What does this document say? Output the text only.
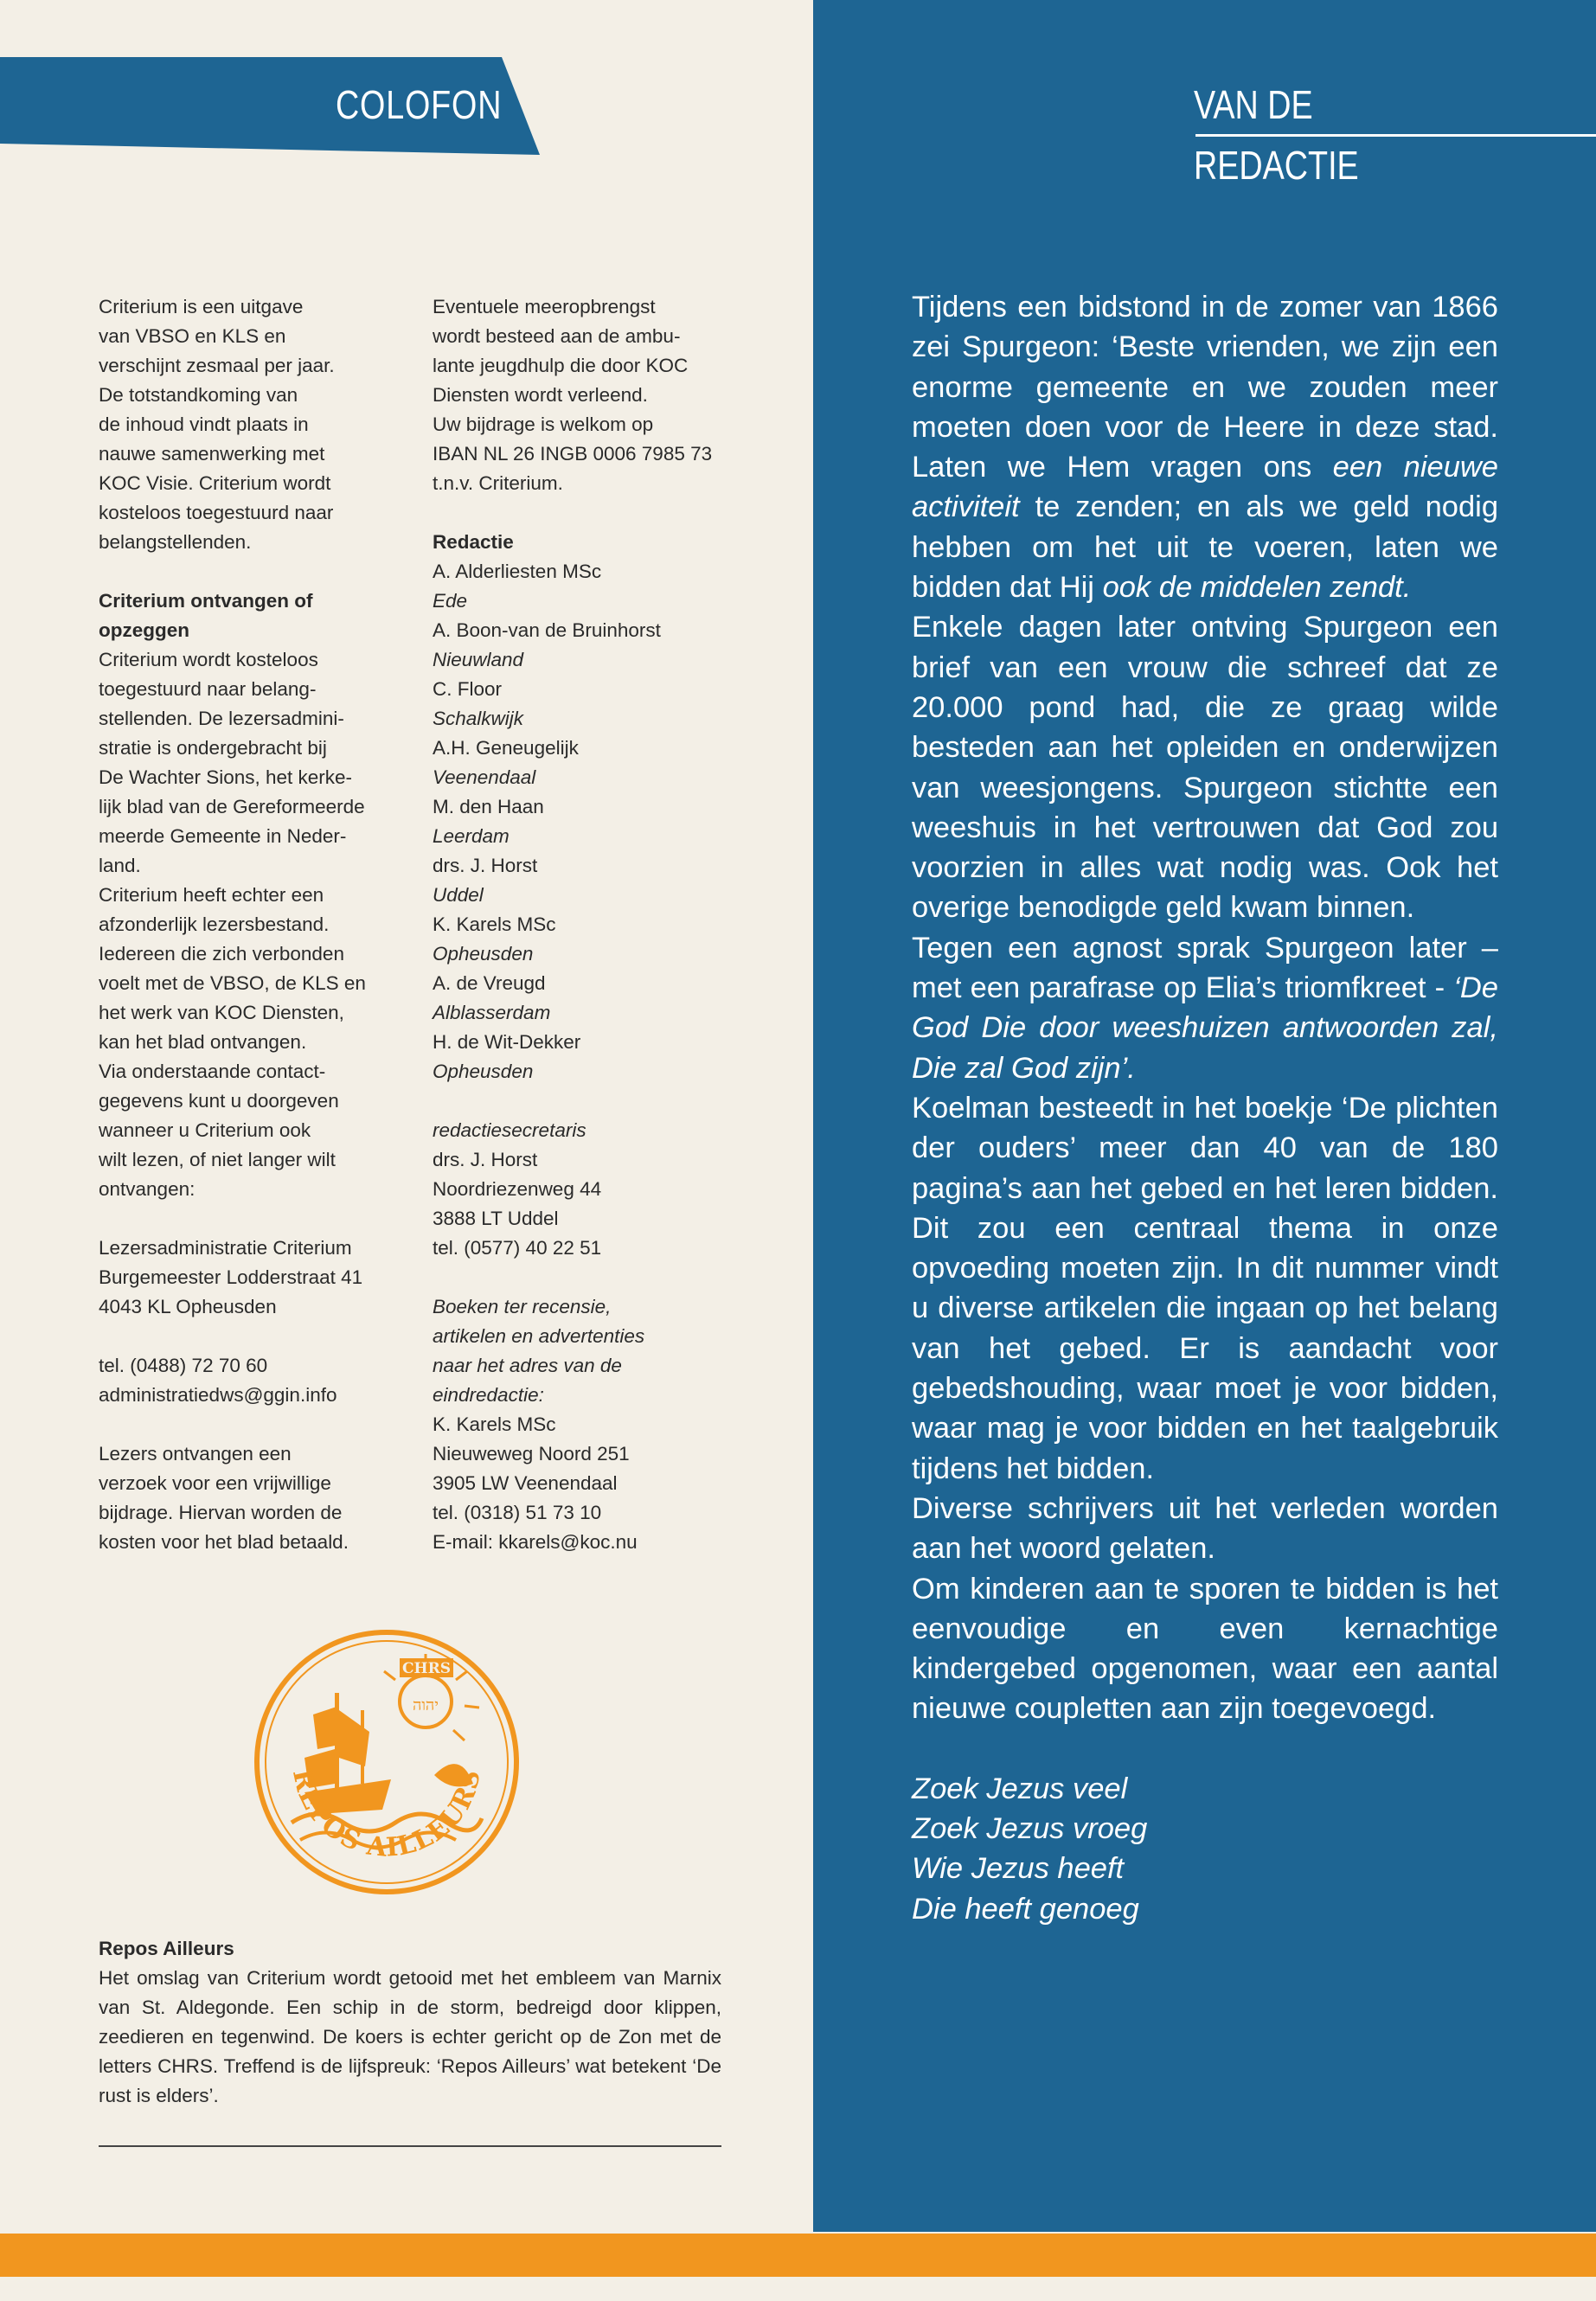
COLOFON	VAN DE REDACTIE

Criterium is een uitgave

van VBSO en KLS en

verschijnt zesmaal per jaar.

De totstandkoming van

de inhoud vindt plaats in

nauwe samenwerking met

KOC Visie. Criterium wordt

kosteloos toegestuurd naar

belangstellenden.

Criterium ontvangen of

opzeggen

Criterium wordt kosteloos

toegestuurd naar belang-

stellenden. De lezersadmini-

stratie is ondergebracht bij

De Wachter Sions, het kerke-

lijk blad van de Gereformeerde

meerde Gemeente in Neder-

land.

Criterium heeft echter een

afzonderlijk lezersbestand.

Iedereen die zich verbonden

voelt met de VBSO, de KLS en

het werk van KOC Diensten,

kan het blad ontvangen.

Via onderstaande contact-

gegevens kunt u doorgeven

wanneer u Criterium ook

wilt lezen, of niet langer wilt

ontvangen:

Lezersadministratie Criterium

Burgemeester Lodderstraat 41

4043 KL Opheusden

tel. (0488) 72 70 60

administratiedws@ggin.info

Lezers ontvangen een

verzoek voor een vrijwillige

bijdrage. Hiervan worden de

kosten voor het blad betaald.

Eventuele meeropbrengst

wordt besteed aan de ambu-

lante jeugdhulp die door KOC

Diensten wordt verleend.

Uw bijdrage is welkom op

IBAN NL 26 INGB 0006 7985 73

t.n.v. Criterium.

Redactie

A. Alderliesten MSc

Ede

A. Boon-van de Bruinhorst

Nieuwland

C. Floor

Schalkwijk

A.H. Geneugelijk

Veenendaal

M. den Haan

Leerdam

drs. J. Horst

Uddel

K. Karels MSc

Opheusden

A. de Vreugd

Alblasserdam

H. de Wit-Dekker

Opheusden

redactiesecretaris

drs. J. Horst

Noordriezenweg 44

3888 LT Uddel

tel. (0577) 40 22 51

Boeken ter recensie,

artikelen en advertenties

naar het adres van de

eindredactie:

K. Karels MSc

Nieuweweg Noord 251

3905 LW Veenendaal

tel. (0318) 51 73 10

E-mail: kkarels@koc.nu

CHRS
יהוה
REPOS AILLEURS

Repos Ailleurs

Het omslag van Criterium wordt getooid met het embleem van Marnix van St. Aldegonde. Een schip in de storm, bedreigd door klippen, zeedieren en tegenwind. De koers is echter gericht op de Zon met de letters CHRS. Treffend is de lijfspreuk: ‘Repos Ailleurs’ wat betekent ‘De rust is elders’.

Tijdens een bidstond in de zomer van 1866 zei Spurgeon: ‘Beste vrienden, we zijn een enorme gemeente en we zouden meer moeten doen voor de Heere in deze stad. Laten we Hem vragen ons een nieuwe activiteit te zenden; en als we geld nodig hebben om het uit te voeren, laten we bidden dat Hij ook de middelen zendt.

Enkele dagen later ontving Spurgeon een brief van een vrouw die schreef dat ze 20.000 pond had, die ze graag wilde besteden aan het opleiden en onderwijzen van weesjongens. Spurgeon stichtte een weeshuis in het vertrouwen dat God zou voorzien in alles wat nodig was. Ook het overige benodigde geld kwam binnen.

Tegen een agnost sprak Spurgeon later – met een parafrase op Elia’s triomfkreet - ‘De God Die door weeshuizen antwoorden zal, Die zal God zijn’.

Koelman besteedt in het boekje ‘De plichten der ouders’ meer dan 40 van de 180 pagina’s aan het gebed en het leren bidden. Dit zou een centraal thema in onze opvoeding moeten zijn. In dit nummer vindt u diverse artikelen die ingaan op het belang van het gebed. Er is aandacht voor gebedshouding, waar moet je voor bidden, waar mag je voor bidden en het taalgebruik tijdens het bidden.

Diverse schrijvers uit het verleden worden aan het woord gelaten.

Om kinderen aan te sporen te bidden is het eenvoudige en even kernachtige kindergebed opgenomen, waar een aantal nieuwe coupletten aan zijn toegevoegd.

Zoek Jezus veel

Zoek Jezus vroeg

Wie Jezus heeft

Die heeft genoeg
